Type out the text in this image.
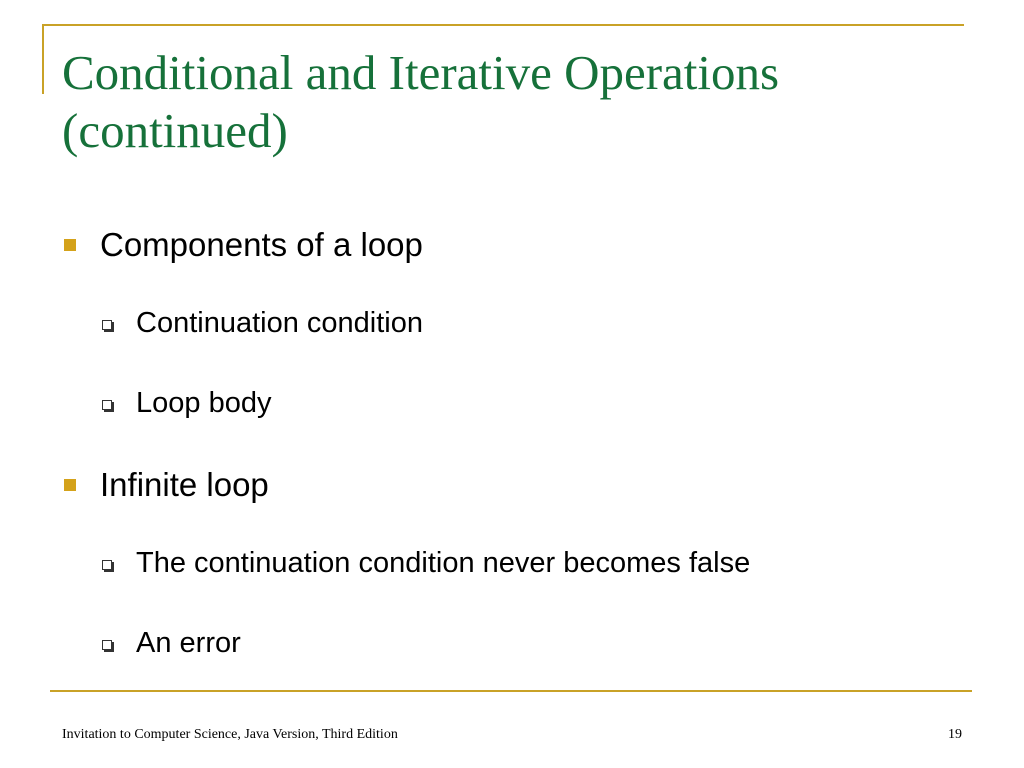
Conditional and Iterative Operations
(continued)
Components of a loop
Continuation condition
Loop body
Infinite loop
The continuation condition never becomes false
An error
Invitation to Computer Science, Java Version, Third Edition	19
